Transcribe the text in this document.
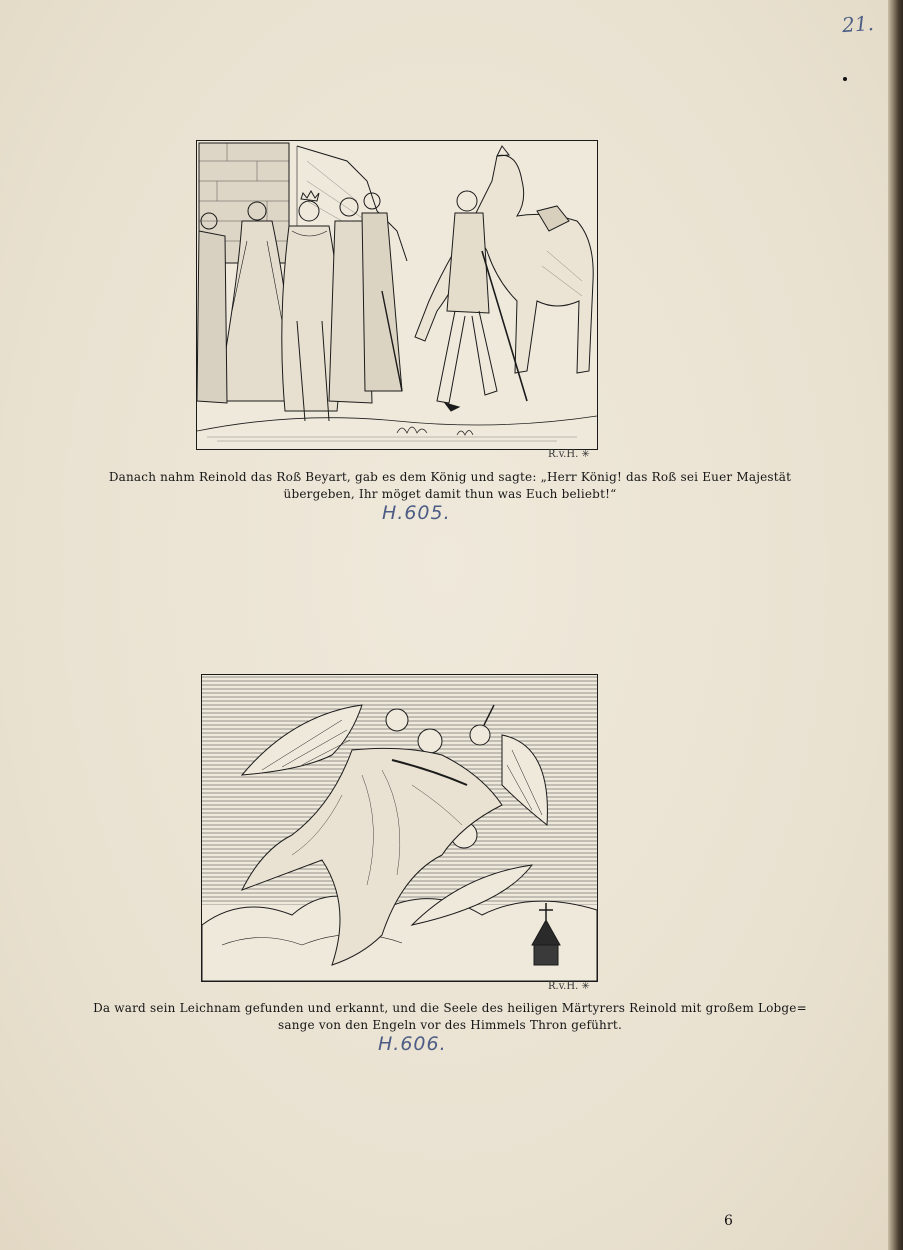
21.
R.v.H. ✳
Danach nahm Reinold das Roß Beyart, gab es dem König und sagte: „Herr König! das Roß sei Euer Majestät
übergeben, Ihr möget damit thun was Euch beliebt!“
H.605.
R.v.H. ✳
Da ward sein Leichnam gefunden und erkannt, und die Seele des heiligen Märtyrers Reinold mit großem Lobge=
sange von den Engeln vor des Himmels Thron geführt.
H.606.
6
